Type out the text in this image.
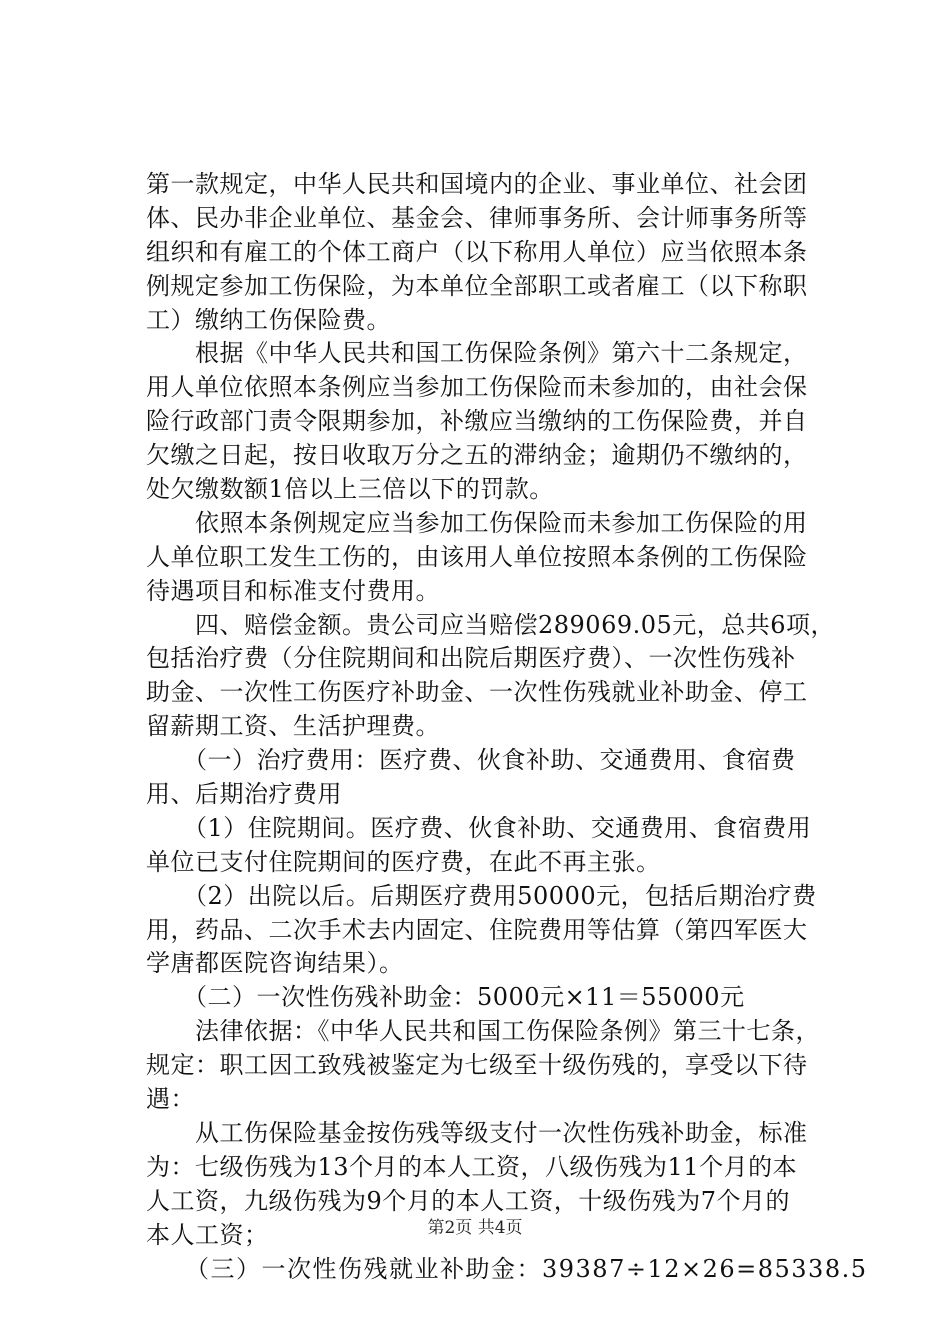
第一款规定，中华人民共和国境内的企业、事业单位、社会团
体、民办非企业单位、基金会、律师事务所、会计师事务所等
组织和有雇工的个体工商户（以下称用人单位）应当依照本条
例规定参加工伤保险，为本单位全部职工或者雇工（以下称职
工）缴纳工伤保险费。
　　根据《中华人民共和国工伤保险条例》第六十二条规定，
用人单位依照本条例应当参加工伤保险而未参加的，由社会保
险行政部门责令限期参加，补缴应当缴纳的工伤保险费，并自
欠缴之日起，按日收取万分之五的滞纳金；逾期仍不缴纳的，
处欠缴数额1倍以上三倍以下的罚款。
　　依照本条例规定应当参加工伤保险而未参加工伤保险的用
人单位职工发生工伤的，由该用人单位按照本条例的工伤保险
待遇项目和标准支付费用。
　　四、赔偿金额。贵公司应当赔偿289069.05元，总共6项，
包括治疗费（分住院期间和出院后期医疗费）、一次性伤残补
助金、一次性工伤医疗补助金、一次性伤残就业补助金、停工
留薪期工资、生活护理费。
　　（一）治疗费用：医疗费、伙食补助、交通费用、食宿费
用、后期治疗费用
　　（1）住院期间。医疗费、伙食补助、交通费用、食宿费用
单位已支付住院期间的医疗费，在此不再主张。
　　（2）出院以后。后期医疗费用50000元，包括后期治疗费
用，药品、二次手术去内固定、住院费用等估算（第四军医大
学唐都医院咨询结果）。
　　（二）一次性伤残补助金：5000元×11＝55000元
　　法律依据：《中华人民共和国工伤保险条例》第三十七条，
规定：职工因工致残被鉴定为七级至十级伤残的，享受以下待
遇：
　　从工伤保险基金按伤残等级支付一次性伤残补助金，标准
为：七级伤残为13个月的本人工资，八级伤残为11个月的本
人工资，九级伤残为9个月的本人工资，十级伤残为7个月的
本人工资；
　　（三）一次性伤残就业补助金：39387÷12×26=85338.5
第2页 共4页
